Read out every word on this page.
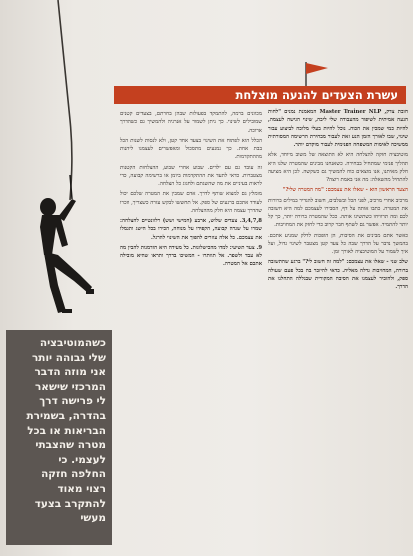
עשרת הצעדים להנעה מוצלחת
כשהמוטיבציה
שלי גבוהה יותר
אני מוזה הדבר
המרכזי שישאר
לי פרישה דרך
בהדרה, בשמירת
הבריאות או בכל
מטרה שהצבתי
לעצמי. כי
החלפה חזקה
רצוי מאוד
להתקרב בצעד
מעשי

חובת צדק, Master Trainer NLP המאמנת נמנים "לחות הנעה אמיתית לשיפור מהעבודה שלי ליבה, שינוי הגישה לעצמה, להיות כמי שמכין את הכוח. נוכל להיות בעלי מלוכה לביצוע עבור שינוי, שבו לאורך הזמן הנע זאת לעבור מבחירת הרשימה המסורתית ממשיכה לאימות המשפחה הפנימית לעבור מוקדם יותר.

מוטיבציה חזקה להצלחה היא לא התוצאה של משוב מיוחד, אלא תהליך פנימי שמתחיל בבחירה. כשאנחנו מבינים שהמטרה שלנו היא חלק מאיתנו, אנו מוצאים כוח להמשיך גם כשקשה. לכן היא מציעה להתחיל מהשאלה: מה אני באמת רוצה?

הצעד הראשון הוא - שאלו את עצמכם: "מה המטרה שלי?"

מרכיב אחרי מרכיב, לפני הכל ובשלבים, חשוב להגדיר במילים ברורות את המטרה. כתבו אותה על דף, הסבירו לעצמכם למה היא חשובה לכם ומה תרוויחו כשתשיגו אותה. ככל שהמטרה ברורה יותר, כך קל יותר להתמיד. אפשר גם לשתף חבר קרוב כדי לחזק את המחויבות.

כאשר אתם מבינים את הסיבות, הן הופכות לדלק שמניע אתכם. בהמשך נדבר על הדרך שבה כל צעד קטן מצטבר לשינוי גדול, ועל איך לשמור על המוטיבציה לאורך זמן.

שלב שני - שאלו את עצמכם: "למה זה חשוב לי?" ברגע שהתשובה ברורה, המחויבות גדלה מאליה. כדאי להיזכר בה בכל פעם שעולה ספק, ולהזכיר לעצמנו את הסיבה המקורית שבגללה התחלנו את הדרך.

מכוונים ברמה, להתמקד בפעולות שבהן בחרתם, בצעדים קטנים שמובילים לשינוי. כך ניתן לשמור על אנרגיה ולהמשיך גם כשהדרך ארוכה.

הכלל הוא לפתוח את השינוי בצעד אחד קטן, ולא לנסות לשנות הכל בבת אחת. כך נמנעים מתסכול ומאפשרים לעצמנו ליהנות מההתקדמות.

זה עובד גם עם ילדים. שבוע אחרי שבוע, ההצלחות הקטנות מצטברות. כדאי לתעד את ההתקדמות ביומן או ברשימה קבועה, כדי לראות בעיניים את מה שהשגתם ולחגוג כל הצלחה.

מומלץ גם למצוא שותף לדרך. אדם שמבין את המטרה שלכם יכול לעודד אתכם ברגעים של ספק. אל תחששו לבקש עזרה כשצריך, וזכרו שהדרך עצמה היא חלק מההצלחה.

3,4,7,8. צעדים שלוש, ארבע (חמישי ושש) רלוונטיים להצלחה: שמרו על שגרה קבועה, הקפידו על מנוחה, הכירו בכל הישג ותגמלו את עצמכם. כל אלה עוזרים להפוך את השינוי להרגל.

9. צעד תשיעי: למדו מהכישלונות. כל מעידה היא הזדמנות להבין מה לא עבד ולשפר. אל תוותרו - המשיכו בדרך ותראו שהיא מובילה אתכם אל המטרה.
